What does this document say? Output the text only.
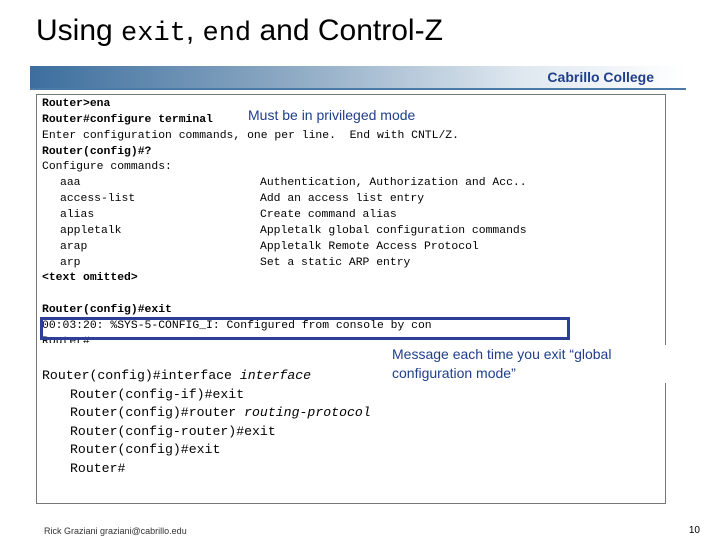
Using exit, end and Control-Z
Cabrillo College
Router>ena
Router#configure terminal
Enter configuration commands, one per line.  End with CNTL/Z.
Router(config)#?
Configure commands:
aaa	Authentication, Authorization and Acc..
access-list	Add an access list entry
alias	Create command alias
appletalk	Appletalk global configuration commands
arap	Appletalk Remote Access Protocol
arp	Set a static ARP entry
<text omitted>
Router(config)#exit
00:03:20: %SYS-5-CONFIG_I: Configured from console by con
Router#
Must be in privileged mode
Message each time you exit “global
configuration mode”
Router(config)#interface interface
Router(config-if)#exit
Router(config)#router routing-protocol
Router(config-router)#exit
Router(config)#exit
Router#
Rick Graziani graziani@cabrillo.edu	10
